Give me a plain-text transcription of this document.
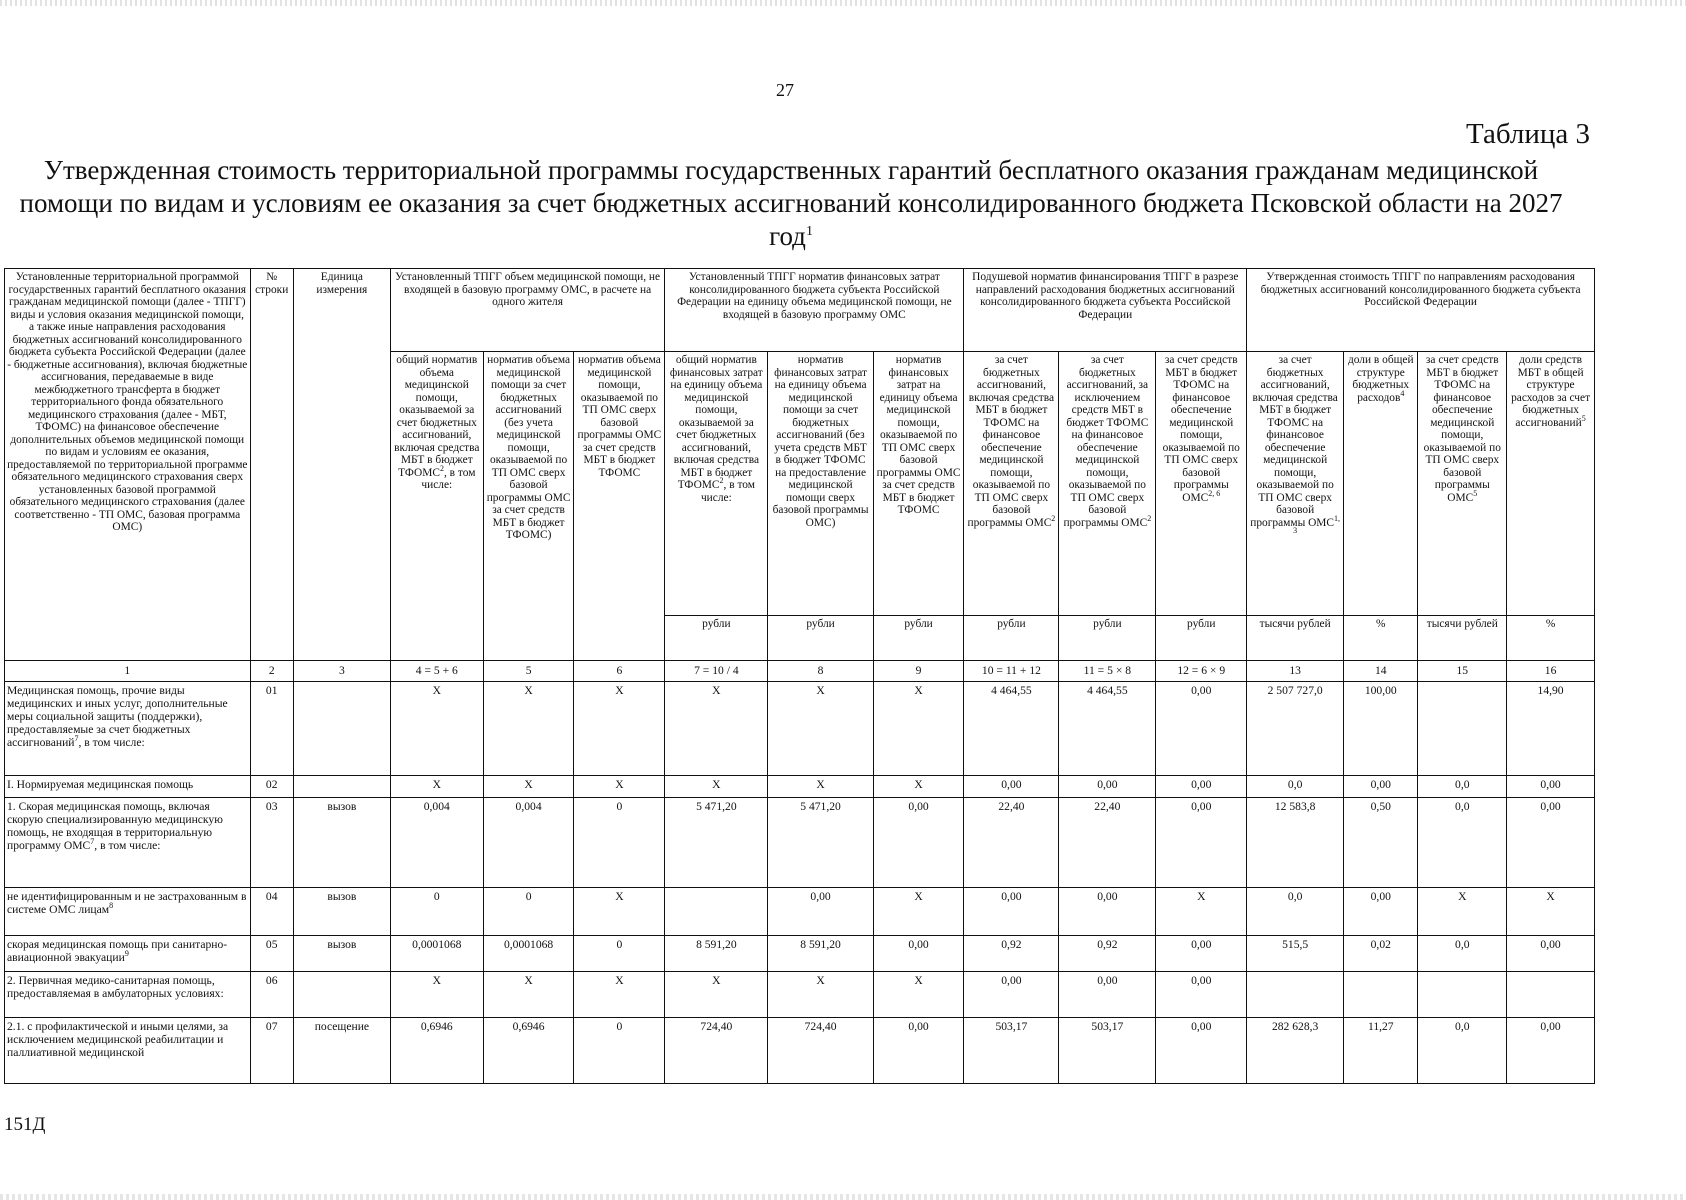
27
Таблица 3
Утвержденная стоимость территориальной программы государственных гарантий бесплатного оказания гражданам медицинской помощи по видам и условиям ее оказания за счет бюджетных ассигнований консолидированного бюджета Псковской области на 2027 год$^1$
Установленные территориальной программой государственных гарантий бесплатного оказания гражданам медицинской помощи (далее - ТПГГ) виды и условия оказания медицинской помощи, а также иные направления расходования бюджетных ассигнований консолидированного бюджета субъекта Российской Федерации (далее - бюджетные ассигнования), включая бюджетные ассигнования, передаваемые в виде межбюджетного трансферта в бюджет территориального фонда обязательного медицинского страхования (далее - МБТ, ТФОМС) на финансовое обеспечение дополнительных объемов медицинской помощи по видам и условиям ее оказания, предоставляемой по территориальной программе обязательного медицинского страхования сверх установленных базовой программой обязательного медицинского страхования (далее соответственно - ТП ОМС, базовая программа ОМС)	№ строки	Единица измерения	Установленный ТПГГ объем медицинской помощи, не входящей в базовую программу ОМС, в расчете на одного жителя			Установленный ТПГГ норматив финансовых затрат консолидированного бюджета субъекта Российской Федерации на единицу объема медицинской помощи, не входящей в базовую программу ОМС			Подушевой норматив финансирования ТПГГ в разрезе направлений расходования бюджетных ассигнований консолидированного бюджета субъекта Российской Федерации			Утвержденная стоимость ТПГГ по направлениям расходования бюджетных ассигнований консолидированного бюджета субъекта Российской Федерации			
			общий норматив объема медицинской помощи, оказываемой за счет бюджетных ассигнований, включая средства МБТ в бюджет ТФОМС$^2$, в том числе:	норматив объема медицинской помощи за счет бюджетных ассигнований (без учета медицинской помощи, оказываемой по ТП ОМС сверх базовой программы ОМС за счет средств МБТ в бюджет ТФОМС)	норматив объема медицинской помощи, оказываемой по ТП ОМС сверх базовой программы ОМС за счет средств МБТ в бюджет ТФОМС	общий норматив финансовых затрат на единицу объема медицинской помощи, оказываемой за счет бюджетных ассигнований, включая средства МБТ в бюджет ТФОМС$^2$, в том числе:	норматив финансовых затрат на единицу объема медицинской помощи за счет бюджетных ассигнований (без учета средств МБТ в бюджет ТФОМС на предоставление медицинской помощи сверх базовой программы ОМС)	норматив финансовых затрат на единицу объема медицинской помощи, оказываемой по ТП ОМС сверх базовой программы ОМС за счет средств МБТ в бюджет ТФОМС	за счет бюджетных ассигнований, включая средства МБТ в бюджет ТФОМС на финансовое обеспечение медицинской помощи, оказываемой по ТП ОМС сверх базовой программы ОМС$^2$	за счет бюджетных ассигнований, за исключением средств МБТ в бюджет ТФОМС на финансовое обеспечение медицинской помощи, оказываемой по ТП ОМС сверх базовой программы ОМС$^2$	за счет средств МБТ в бюджет ТФОМС на финансовое обеспечение медицинской помощи, оказываемой по ТП ОМС сверх базовой программы ОМС$^{2, 6}$	за счет бюджетных ассигнований, включая средства МБТ в бюджет ТФОМС на финансовое обеспечение медицинской помощи, оказываемой по ТП ОМС сверх базовой программы ОМС$^{1, 3}$	доли в общей структуре бюджетных расходов$^4$	за счет средств МБТ в бюджет ТФОМС на финансовое обеспечение медицинской помощи, оказываемой по ТП ОМС сверх базовой программы ОМС$^5$	доли средств МБТ в общей структуре расходов за счет бюджетных ассигнований$^5$
						рубли	рубли	рубли	рубли	рубли	рубли	тысячи рублей	%	тысячи рублей	%
1	2	3	4 = 5 + 6	5	6	7 = 10 / 4	8	9	10 = 11 + 12	11 = 5 × 8	12 = 6 × 9	13	14	15	16
Медицинская помощь, прочие виды медицинских и иных услуг, дополнительные меры социальной защиты (поддержки), предоставляемые за счет бюджетных ассигнований$^7$, в том числе:	01		Х	Х	Х	Х	Х	Х	4 464,55	4 464,55	0,00	2 507 727,0	100,00		14,90
I. Нормируемая медицинская помощь	02		Х	Х	Х	Х	Х	Х	0,00	0,00	0,00	0,0	0,00	0,0	0,00
1. Скорая медицинская помощь, включая скорую специализированную медицинскую помощь, не входящая в территориальную программу ОМС$^7$, в том числе:	03	вызов	0,004	0,004	0	5 471,20	5 471,20	0,00	22,40	22,40	0,00	12 583,8	0,50	0,0	0,00
не идентифицированным и не застрахованным в системе ОМС лицам$^8$	04	вызов	0	0	Х		0,00	Х	0,00	0,00	Х	0,0	0,00	Х	Х
скорая медицинская помощь при санитарно-авиационной эвакуации$^9$	05	вызов	0,0001068	0,0001068	0	8 591,20	8 591,20	0,00	0,92	0,92	0,00	515,5	0,02	0,0	0,00
2. Первичная медико-санитарная помощь, предоставляемая в амбулаторных условиях:	06		Х	Х	Х	Х	Х	Х	0,00	0,00	0,00				
2.1. с профилактической и иными целями, за исключением медицинской реабилитации и паллиативной медицинской	07	посещение	0,6946	0,6946	0	724,40	724,40	0,00	503,17	503,17	0,00	282 628,3	11,27	0,0	0,00
151Д
